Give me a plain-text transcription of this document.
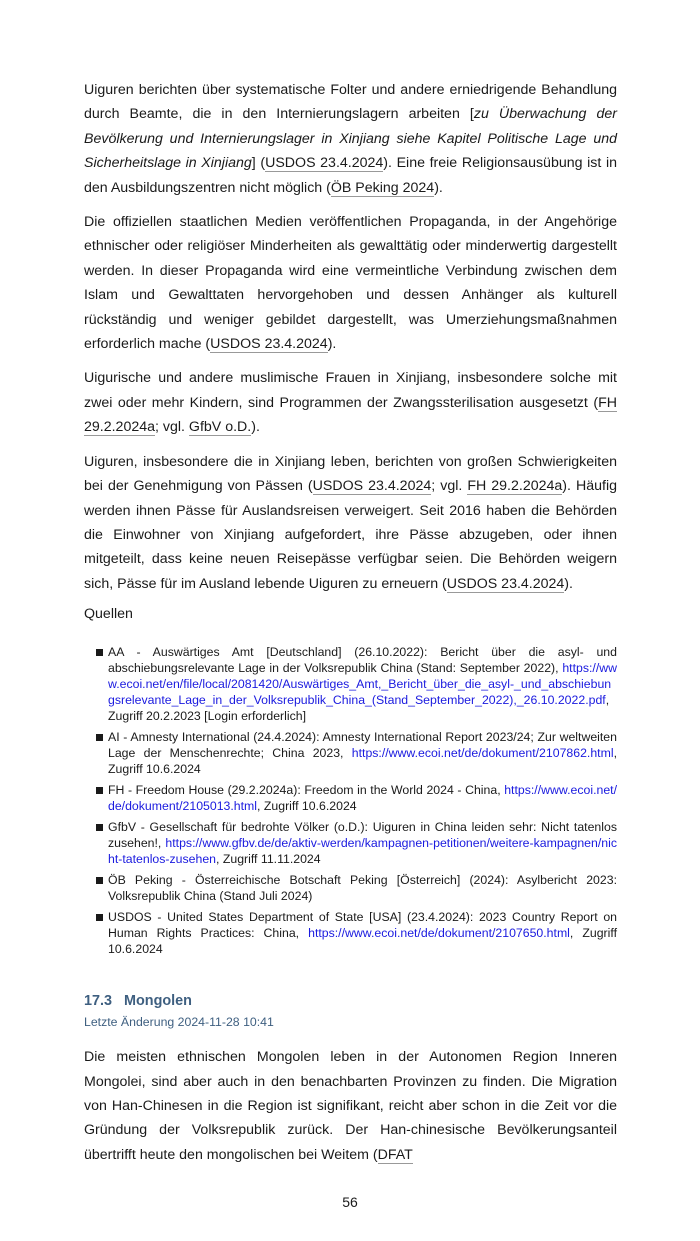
Uiguren berichten über systematische Folter und andere erniedrigende Behandlung durch Beamte, die in den Internierungslagern arbeiten [zu Überwachung der Bevölkerung und Internierungslager in Xinjiang siehe Kapitel Politische Lage und Sicherheitslage in Xinjiang] (USDOS 23.4.2024). Eine freie Religionsausübung ist in den Ausbildungszentren nicht möglich (ÖB Peking 2024).

Die offiziellen staatlichen Medien veröffentlichen Propaganda, in der Angehörige ethnischer oder religiöser Minderheiten als gewalttätig oder minderwertig dargestellt werden. In dieser Propaganda wird eine vermeintliche Verbindung zwischen dem Islam und Gewalttaten hervorgehoben und dessen Anhänger als kulturell rückständig und weniger gebildet dargestellt, was Umerziehungsmaßnahmen erforderlich mache (USDOS 23.4.2024).

Uigurische und andere muslimische Frauen in Xinjiang, insbesondere solche mit zwei oder mehr Kindern, sind Programmen der Zwangssterilisation ausgesetzt (FH 29.2.2024a; vgl. GfbV o.D.).

Uiguren, insbesondere die in Xinjiang leben, berichten von großen Schwierigkeiten bei der Genehmigung von Pässen (USDOS 23.4.2024; vgl. FH 29.2.2024a). Häufig werden ihnen Pässe für Auslandsreisen verweigert. Seit 2016 haben die Behörden die Einwohner von Xinjiang aufgefordert, ihre Pässe abzugeben, oder ihnen mitgeteilt, dass keine neuen Reisepässe verfügbar seien. Die Behörden weigern sich, Pässe für im Ausland lebende Uiguren zu erneuern (USDOS 23.4.2024).

Quellen
AA - Auswärtiges Amt [Deutschland] (26.10.2022): Bericht über die asyl- und abschiebungsrelevante Lage in der Volksrepublik China (Stand: September 2022), https://www.ecoi.net/en/file/local/2081420/Auswärtiges_Amt,_Bericht_über_die_asyl-_und_abschiebungsrelevante_Lage_in_der_Volksrepublik_China_(Stand_September_2022),_26.10.2022.pdf, Zugriff 20.2.2023 [Login erforderlich]
AI - Amnesty International (24.4.2024): Amnesty International Report 2023/24; Zur weltweiten Lage der Menschenrechte; China 2023, https://www.ecoi.net/de/dokument/2107862.html, Zugriff 10.6.2024
FH - Freedom House (29.2.2024a): Freedom in the World 2024 - China, https://www.ecoi.net/de/dokument/2105013.html, Zugriff 10.6.2024
GfbV - Gesellschaft für bedrohte Völker (o.D.): Uiguren in China leiden sehr: Nicht tatenlos zusehen!, https://www.gfbv.de/de/aktiv-werden/kampagnen-petitionen/weitere-kampagnen/nicht-tatenlos-zusehen, Zugriff 11.11.2024
ÖB Peking - Österreichische Botschaft Peking [Österreich] (2024): Asylbericht 2023: Volksrepublik China (Stand Juli 2024)
USDOS - United States Department of State [USA] (23.4.2024): 2023 Country Report on Human Rights Practices: China, https://www.ecoi.net/de/dokument/2107650.html, Zugriff 10.6.2024
17.3 Mongolen
Letzte Änderung 2024-11-28 10:41

Die meisten ethnischen Mongolen leben in der Autonomen Region Inneren Mongolei, sind aber auch in den benachbarten Provinzen zu finden. Die Migration von Han-Chinesen in die Region ist signifikant, reicht aber schon in die Zeit vor die Gründung der Volksrepublik zurück. Der Han-chinesische Bevölkerungsanteil übertrifft heute den mongolischen bei Weitem (DFAT

56
